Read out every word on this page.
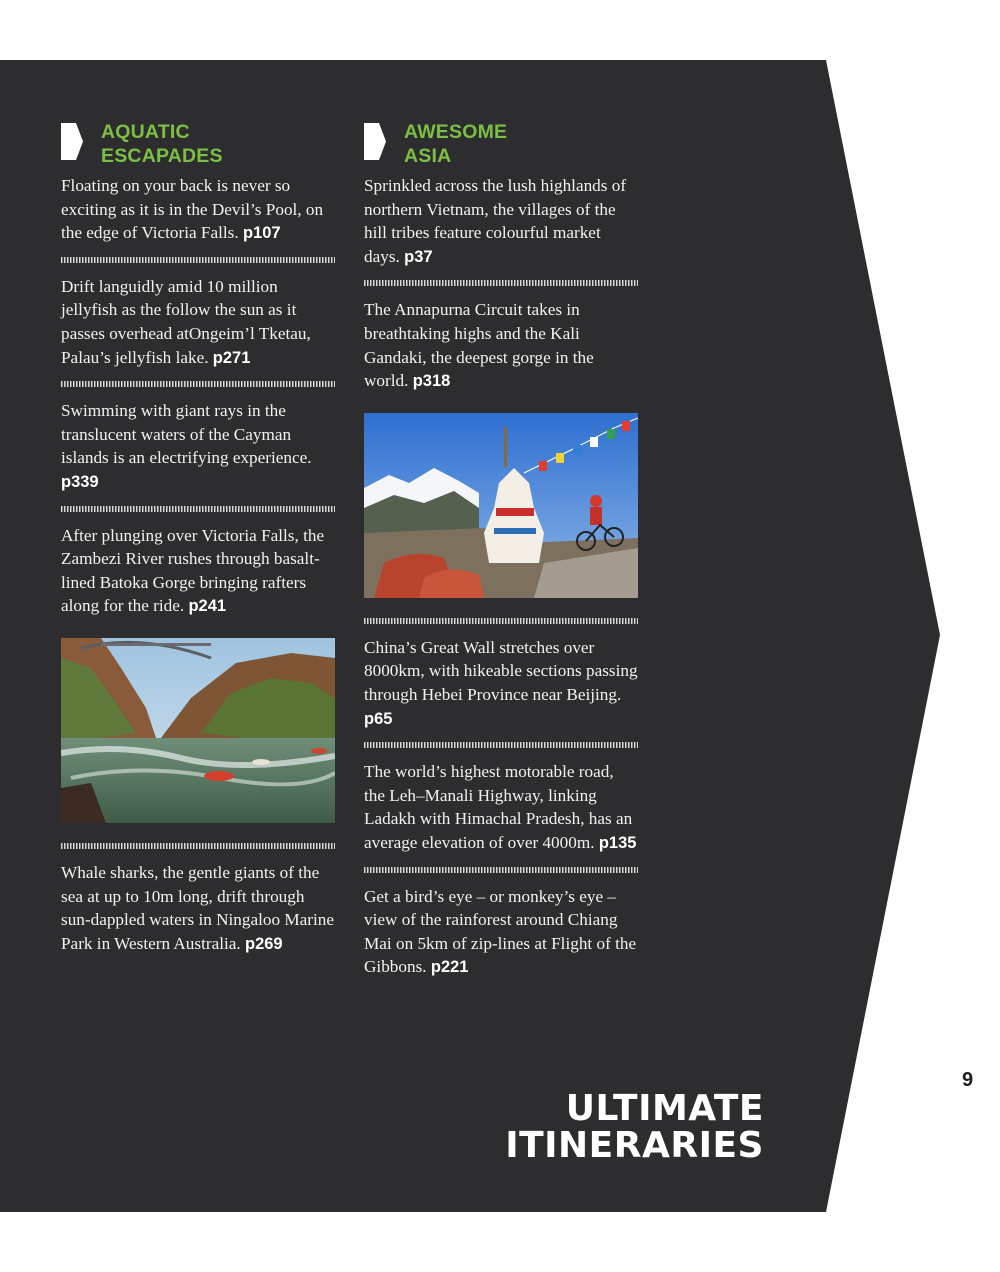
AQUATIC
ESCAPADES

Floating on your back is never so exciting as it is in the Devil’s Pool, on the edge of Victoria Falls. p107

Drift languidly amid 10 million jellyfish as the follow the sun as it passes overhead atOngeim’l Tketau, Palau’s jellyfish lake. p271

Swimming with giant rays in the translucent waters of the Cayman islands is an electrifying experience. p339

After plunging over Victoria Falls, the Zambezi River rushes through basalt-lined Batoka Gorge bringing rafters along for the ride. p241

Whale sharks, the gentle giants of the sea at up to 10m long, drift through sun-dappled waters in Ningaloo Marine Park in Western Australia. p269

AWESOME
ASIA

Sprinkled across the lush highlands of northern Vietnam, the villages of the hill tribes feature colourful market days. p37

The Annapurna Circuit takes in breathtaking highs and the Kali Gandaki, the deepest gorge in the world. p318

China’s Great Wall stretches over 8000km, with hikeable sections passing through Hebei Province near Beijing. p65

The world’s highest motorable road, the Leh–Manali Highway, linking Ladakh with Himachal Pradesh, has an average elevation of over 4000m. p135

Get a bird’s eye – or monkey’s eye – view of the rainforest around Chiang Mai on 5km of zip-lines at Flight of the Gibbons. p221

ULTIMATE
ITINERARIES
9
